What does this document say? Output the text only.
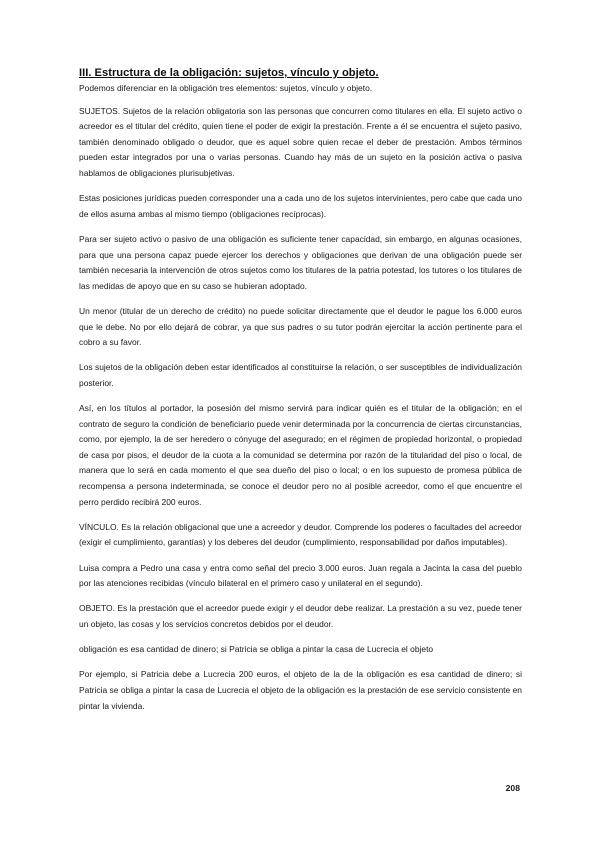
III. Estructura de la obligación: sujetos, vínculo y objeto.

Podemos diferenciar en la obligación tres elementos: sujetos, vínculo y objeto.

SUJETOS. Sujetos de la relación obligatoria son las personas que concurren como titulares en ella. El sujeto activo o acreedor es el titular del crédito, quien tiene el poder de exigir la prestación. Frente a él se encuentra el sujeto pasivo, también denominado obligado o deudor, que es aquel sobre quien recae el deber de prestación. Ambos términos pueden estar integrados por una o varias personas. Cuando hay más de un sujeto en la posición activa o pasiva hablamos de obligaciones plurisubjetivas.

Estas posiciones jurídicas pueden corresponder una a cada uno de los sujetos intervinientes, pero cabe que cada uno de ellos asuma ambas al mismo tiempo (obligaciones recíprocas).

Para ser sujeto activo o pasivo de una obligación es suficiente tener capacidad, sin embargo, en algunas ocasiones, para que una persona capaz puede ejercer los derechos y obligaciones que derivan de una obligación puede ser también necesaria la intervención de otros sujetos como los titulares de la patria potestad, los tutores o los titulares de las medidas de apoyo que en su caso se hubieran adoptado.

Un menor (titular de un derecho de crédito) no puede solicitar directamente que el deudor le pague los 6.000 euros que le debe. No por ello dejará de cobrar, ya que sus padres o su tutor podrán ejercitar la acción pertinente para el cobro a su favor.

Los sujetos de la obligación deben estar identificados al constituirse la relación, o ser susceptibles de individualización posterior.

Así, en los títulos al portador, la posesión del mismo servirá para indicar quién es el titular de la obligación; en el contrato de seguro la condición de beneficiario puede venir determinada por la concurrencia de ciertas circunstancias, como, por ejemplo, la de ser heredero o cónyuge del asegurado; en el régimen de propiedad horizontal, o propiedad de casa por pisos, el deudor de la cuota a la comunidad se determina por razón de la titularidad del piso o local, de manera que lo será en cada momento el que sea dueño del piso o local; o en los supuesto de promesa pública de recompensa a persona indeterminada, se conoce el deudor pero no al posible acreedor, como el que encuentre el perro perdido recibirá 200 euros.

VÍNCULO. Es la relación obligacional que une a acreedor y deudor. Comprende los poderes o facultades del acreedor (exigir el cumplimiento, garantías) y los deberes del deudor (cumplimiento, responsabilidad por daños imputables).

Luisa compra a Pedro una casa y entra como señal del precio 3.000 euros. Juan regala a Jacinta la casa del pueblo por las atenciones recibidas (vínculo bilateral en el primero caso y unilateral en el segundo).

OBJETO. Es la prestación que el acreedor puede exigir y el deudor debe realizar. La prestación a su vez, puede tener un objeto, las cosas y los servicios concretos debidos por el deudor.

obligación es esa cantidad de dinero; si Patricia se obliga a pintar la casa de Lucrecia el objeto

Por ejemplo, si Patricia debe a Lucrecia 200 euros, el objeto de la de la obligación es esa cantidad de dinero; si Patricia se obliga a pintar la casa de Lucrecia el objeto de la obligación es la prestación de ese servicio consistente en pintar la vivienda.

208
